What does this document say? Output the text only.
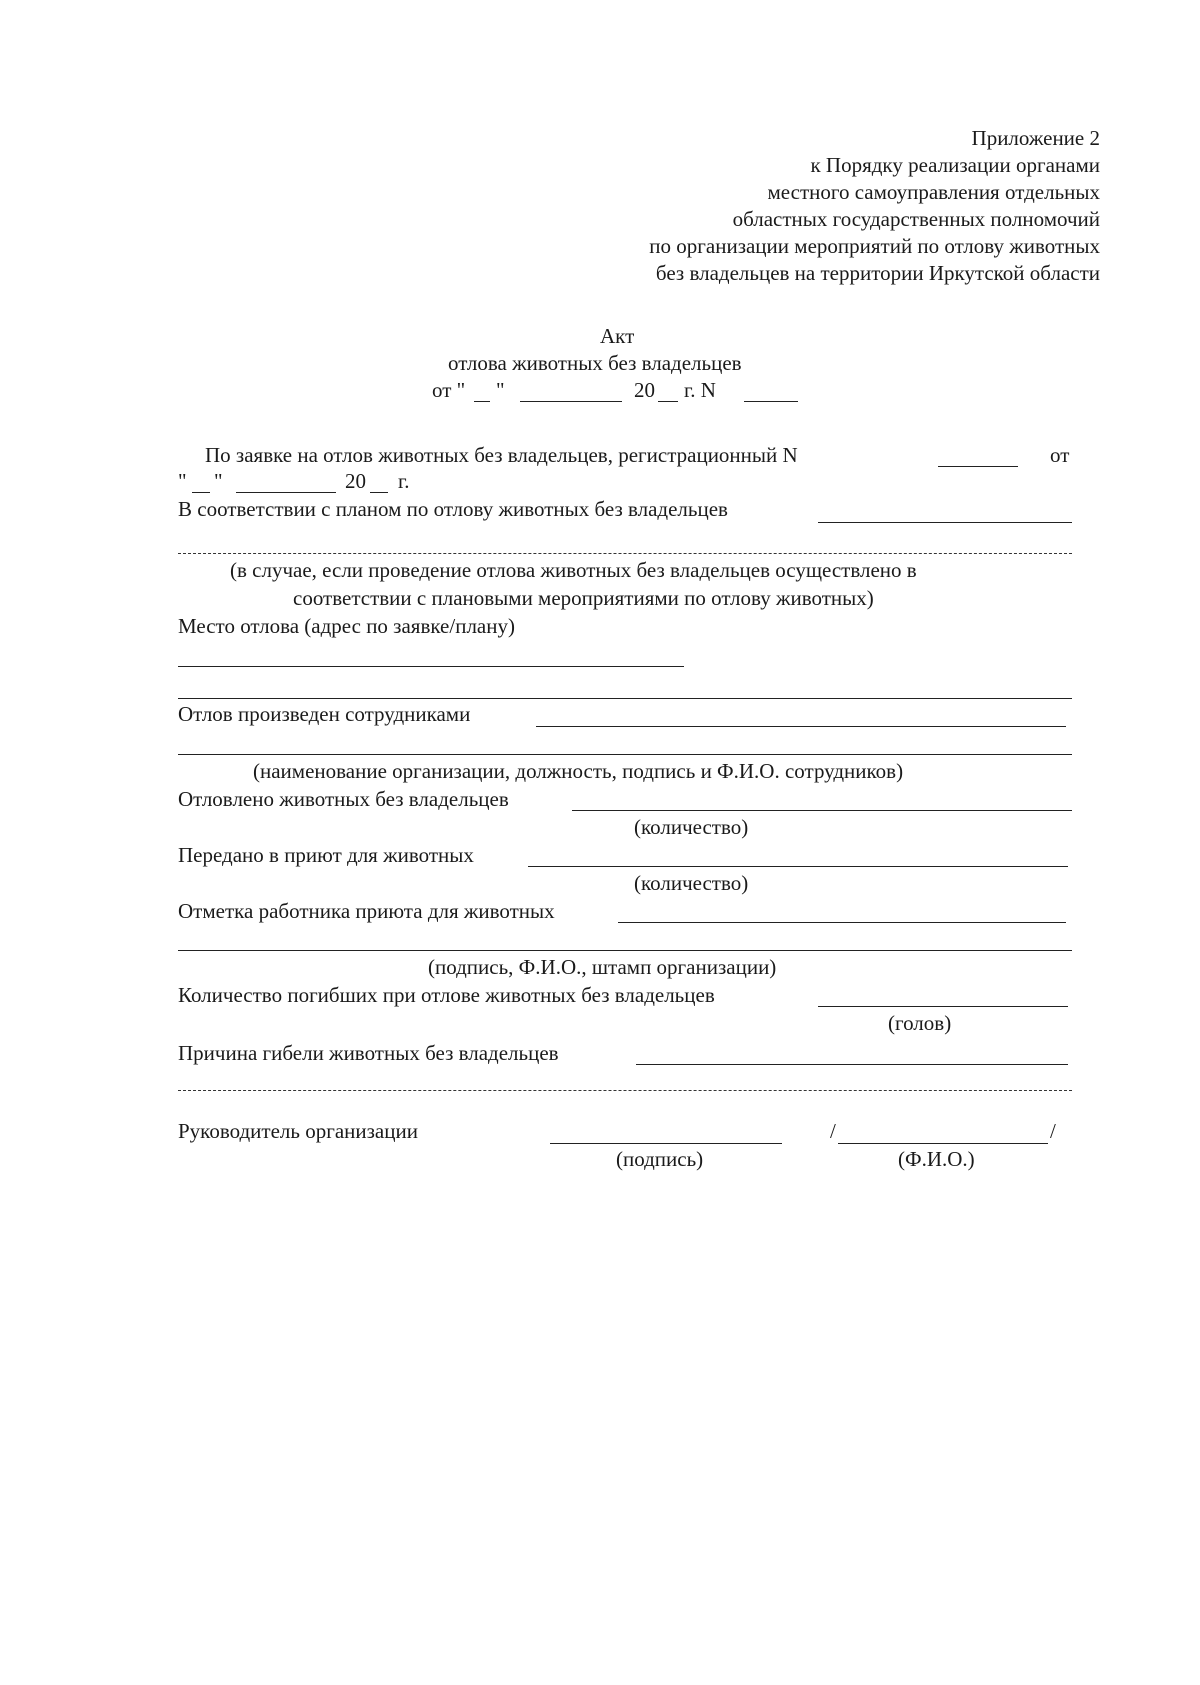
Приложение 2
к Порядку реализации органами
местного самоуправления отдельных
областных государственных полномочий
по организации мероприятий по отлову животных
без владельцев на территории Иркутской области
Акт
отлова животных без владельцев
от " "	20 г. N
По заявке на отлов животных без владельцев, регистрационный N	от
" "	20 г.
В соответствии с планом по отлову животных без владельцев
(в случае, если проведение отлова животных без владельцев осуществлено в
соответствии с плановыми мероприятиями по отлову животных)
Место отлова (адрес по заявке/плану)
Отлов произведен сотрудниками
(наименование организации, должность, подпись и Ф.И.О. сотрудников)
Отловлено животных без владельцев
(количество)
Передано в приют для животных
(количество)
Отметка работника приюта для животных
(подпись, Ф.И.О., штамп организации)
Количество погибших при отлове животных без владельцев
(голов)
Причина гибели животных без владельцев
Руководитель организации	/	/
(подпись)	(Ф.И.О.)
